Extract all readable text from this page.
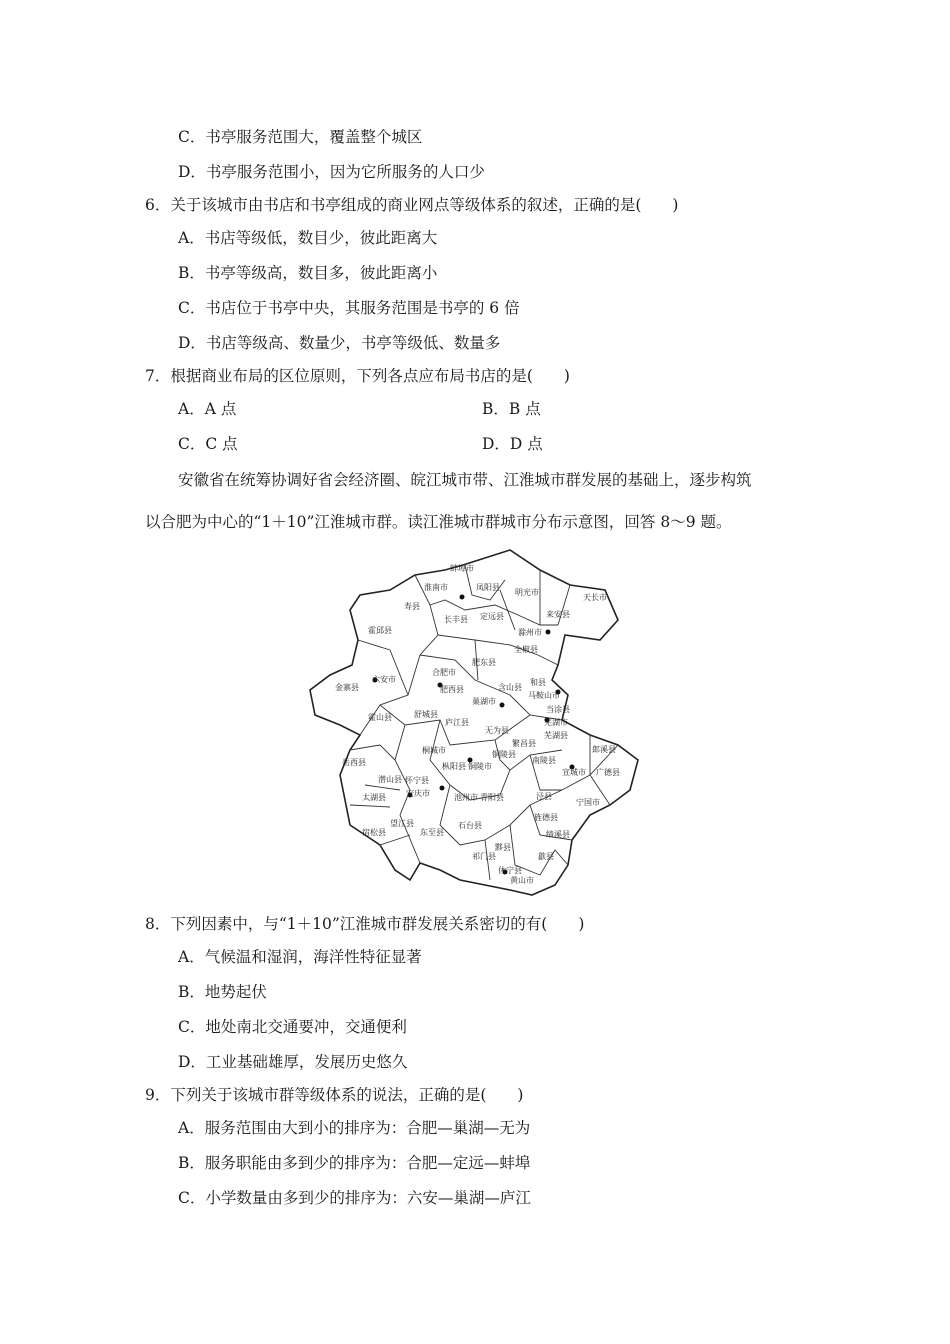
C．书亭服务范围大，覆盖整个城区
D．书亭服务范围小，因为它所服务的人口少
6．关于该城市由书店和书亭组成的商业网点等级体系的叙述，正确的是(　　)
A．书店等级低，数目少，彼此距离大
B．书亭等级高，数目多，彼此距离小
C．书店位于书亭中央，其服务范围是书亭的 6 倍
D．书店等级高、数量少，书亭等级低、数量多
7．根据商业布局的区位原则，下列各点应布局书店的是(　　)
A．A 点	B．B 点
C．C 点	D．D 点
安徽省在统筹协调好省会经济圈、皖江城市带、江淮城市群发展的基础上，逐步构筑
以合肥为中心的“1＋10”江淮城市群。读江淮城市群城市分布示意图，回答 8～9 题。
蚌埠市
淮南市	凤阳县
明光市
天长市
寿县
长丰县 定远县	来安县
滁州市
霍邱县
全椒县
肥东县
合肥市
六安市
金寨县	肥西县	含山县
和县
马鞍山市
巢湖市
当涂县
舒城县
霍山县
庐江县
无为县
芜湖市
芜湖县
繁昌县
郎溪县
桐城市	铜陵县
南陵县
岳西县	枞阳县 铜陵市
广德县
宣城市
潜山县 怀宁县
太湖县	安庆市	池州市 青阳县	泾县
宁国市
望江县
宿松县	东至县
石台县
旌德县
绩溪县
黟县
祁门县	歙县
休宁县
黄山市
8．下列因素中，与“1＋10”江淮城市群发展关系密切的有(　　)
A．气候温和湿润，海洋性特征显著
B．地势起伏
C．地处南北交通要冲，交通便利
D．工业基础雄厚，发展历史悠久
9．下列关于该城市群等级体系的说法，正确的是(　　)
A．服务范围由大到小的排序为：合肥—巢湖—无为
B．服务职能由多到少的排序为：合肥—定远—蚌埠
C．小学数量由多到少的排序为：六安—巢湖—庐江
